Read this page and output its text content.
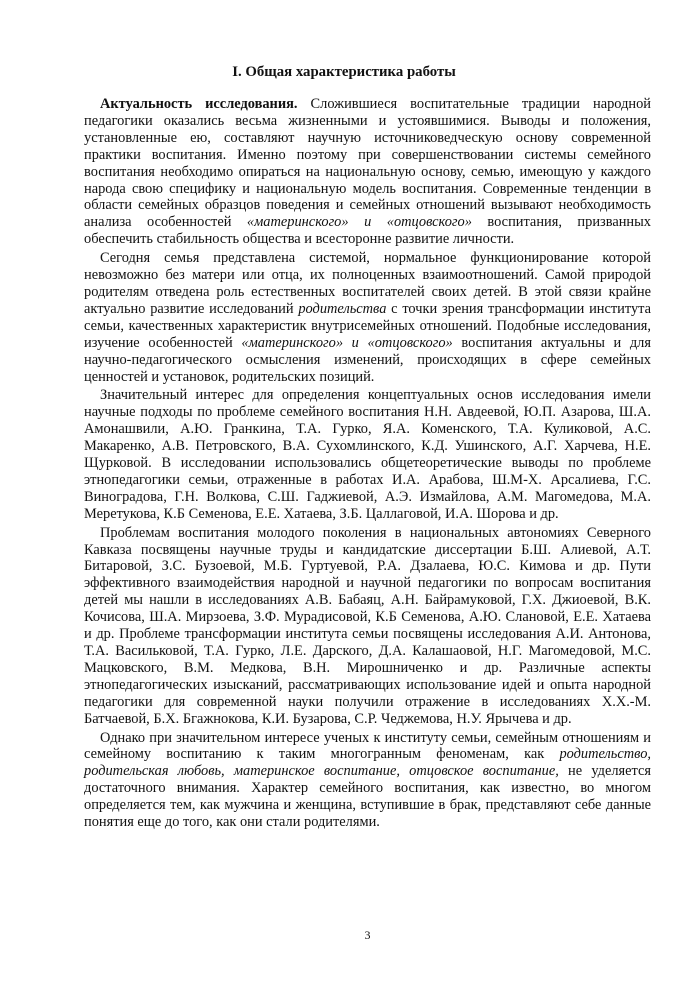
I. Общая характеристика работы

Актуальность исследования. Сложившиеся воспитательные традиции народной педагогики оказались весьма жизненными и устоявшимися. Выводы и положения, установленные ею, составляют научную источниковедческую основу современной практики воспитания. Именно поэтому при совершенствовании системы семейного воспитания необходимо опираться на национальную основу, семью, имеющую у каждого народа свою специфику и национальную модель воспитания. Современные тенденции в области семейных образцов поведения и семейных отношений вызывают необходимость анализа особенностей «материнского» и «отцовского» воспитания, призванных обеспечить стабильность общества и всесторонне развитие личности.

Сегодня семья представлена системой, нормальное функционирование которой невозможно без матери или отца, их полноценных взаимоотношений. Самой природой родителям отведена роль естественных воспитателей своих детей. В этой связи крайне актуально развитие исследований родительства с точки зрения трансформации института семьи, качественных характеристик внутрисемейных отношений. Подобные исследования, изучение особенностей «материнского» и «отцовского» воспитания актуальны и для научно-педагогического осмысления изменений, происходящих в сфере семейных ценностей и установок, родительских позиций.

Значительный интерес для определения концептуальных основ исследования имели научные подходы по проблеме семейного воспитания Н.Н. Авдеевой, Ю.П. Азарова, Ш.А. Амонашвили, А.Ю. Гранкина, Т.А. Гурко, Я.А. Коменского, Т.А. Куликовой, А.С. Макаренко, А.В. Петровского, В.А. Сухомлинского, К.Д. Ушинского, А.Г. Харчева, Н.Е. Щурковой. В исследовании использовались общетеоретические выводы по проблеме этнопедагогики семьи, отраженные в работах И.А. Арабова, Ш.М-Х. Арсалиева, Г.С. Виноградова, Г.Н. Волкова, С.Ш. Гаджиевой, А.Э. Измайлова, А.М. Магомедова, М.А. Меретукова, К.Б Семенова, Е.Е. Хатаева, З.Б. Цаллаговой, И.А. Шорова и др.

Проблемам воспитания молодого поколения в национальных автономиях Северного Кавказа посвящены научные труды и кандидатские диссертации Б.Ш. Алиевой, А.Т. Битаровой, З.С. Бузоевой, М.Б. Гуртуевой, Р.А. Дзалаева, Ю.С. Кимова и др. Пути эффективного взаимодействия народной и научной педагогики по вопросам воспитания детей мы нашли в исследованиях А.В. Бабаяц, А.Н. Байрамуковой, Г.Х. Джиоевой, В.К. Кочисова, Ш.А. Мирзоева, З.Ф. Мурадисовой, К.Б Семенова, А.Ю. Слановой, Е.Е. Хатаева и др. Проблеме трансформации института семьи посвящены исследования А.И. Антонова, Т.А. Васильковой, Т.А. Гурко, Л.Е. Дарского, Д.А. Калашаовой, Н.Г. Магомедовой, М.С. Мацковского, В.М. Медкова, В.Н. Мирошниченко и др. Различные аспекты этнопедагогических изысканий, рассматривающих использование идей и опыта народной педагогики для современной науки получили отражение в исследованиях Х.Х.-М. Батчаевой, Б.Х. Бгажнокова, К.И. Бузарова, С.Р. Чеджемова, Н.У. Ярычева и др.

Однако при значительном интересе ученых к институту семьи, семейным отношениям и семейному воспитанию к таким многогранным феноменам, как родительство, родительская любовь, материнское воспитание, отцовское воспитание, не уделяется достаточного внимания. Характер семейного воспитания, как известно, во многом определяется тем, как мужчина и женщина, вступившие в брак, представляют себе данные понятия еще до того, как они стали родителями.

3
